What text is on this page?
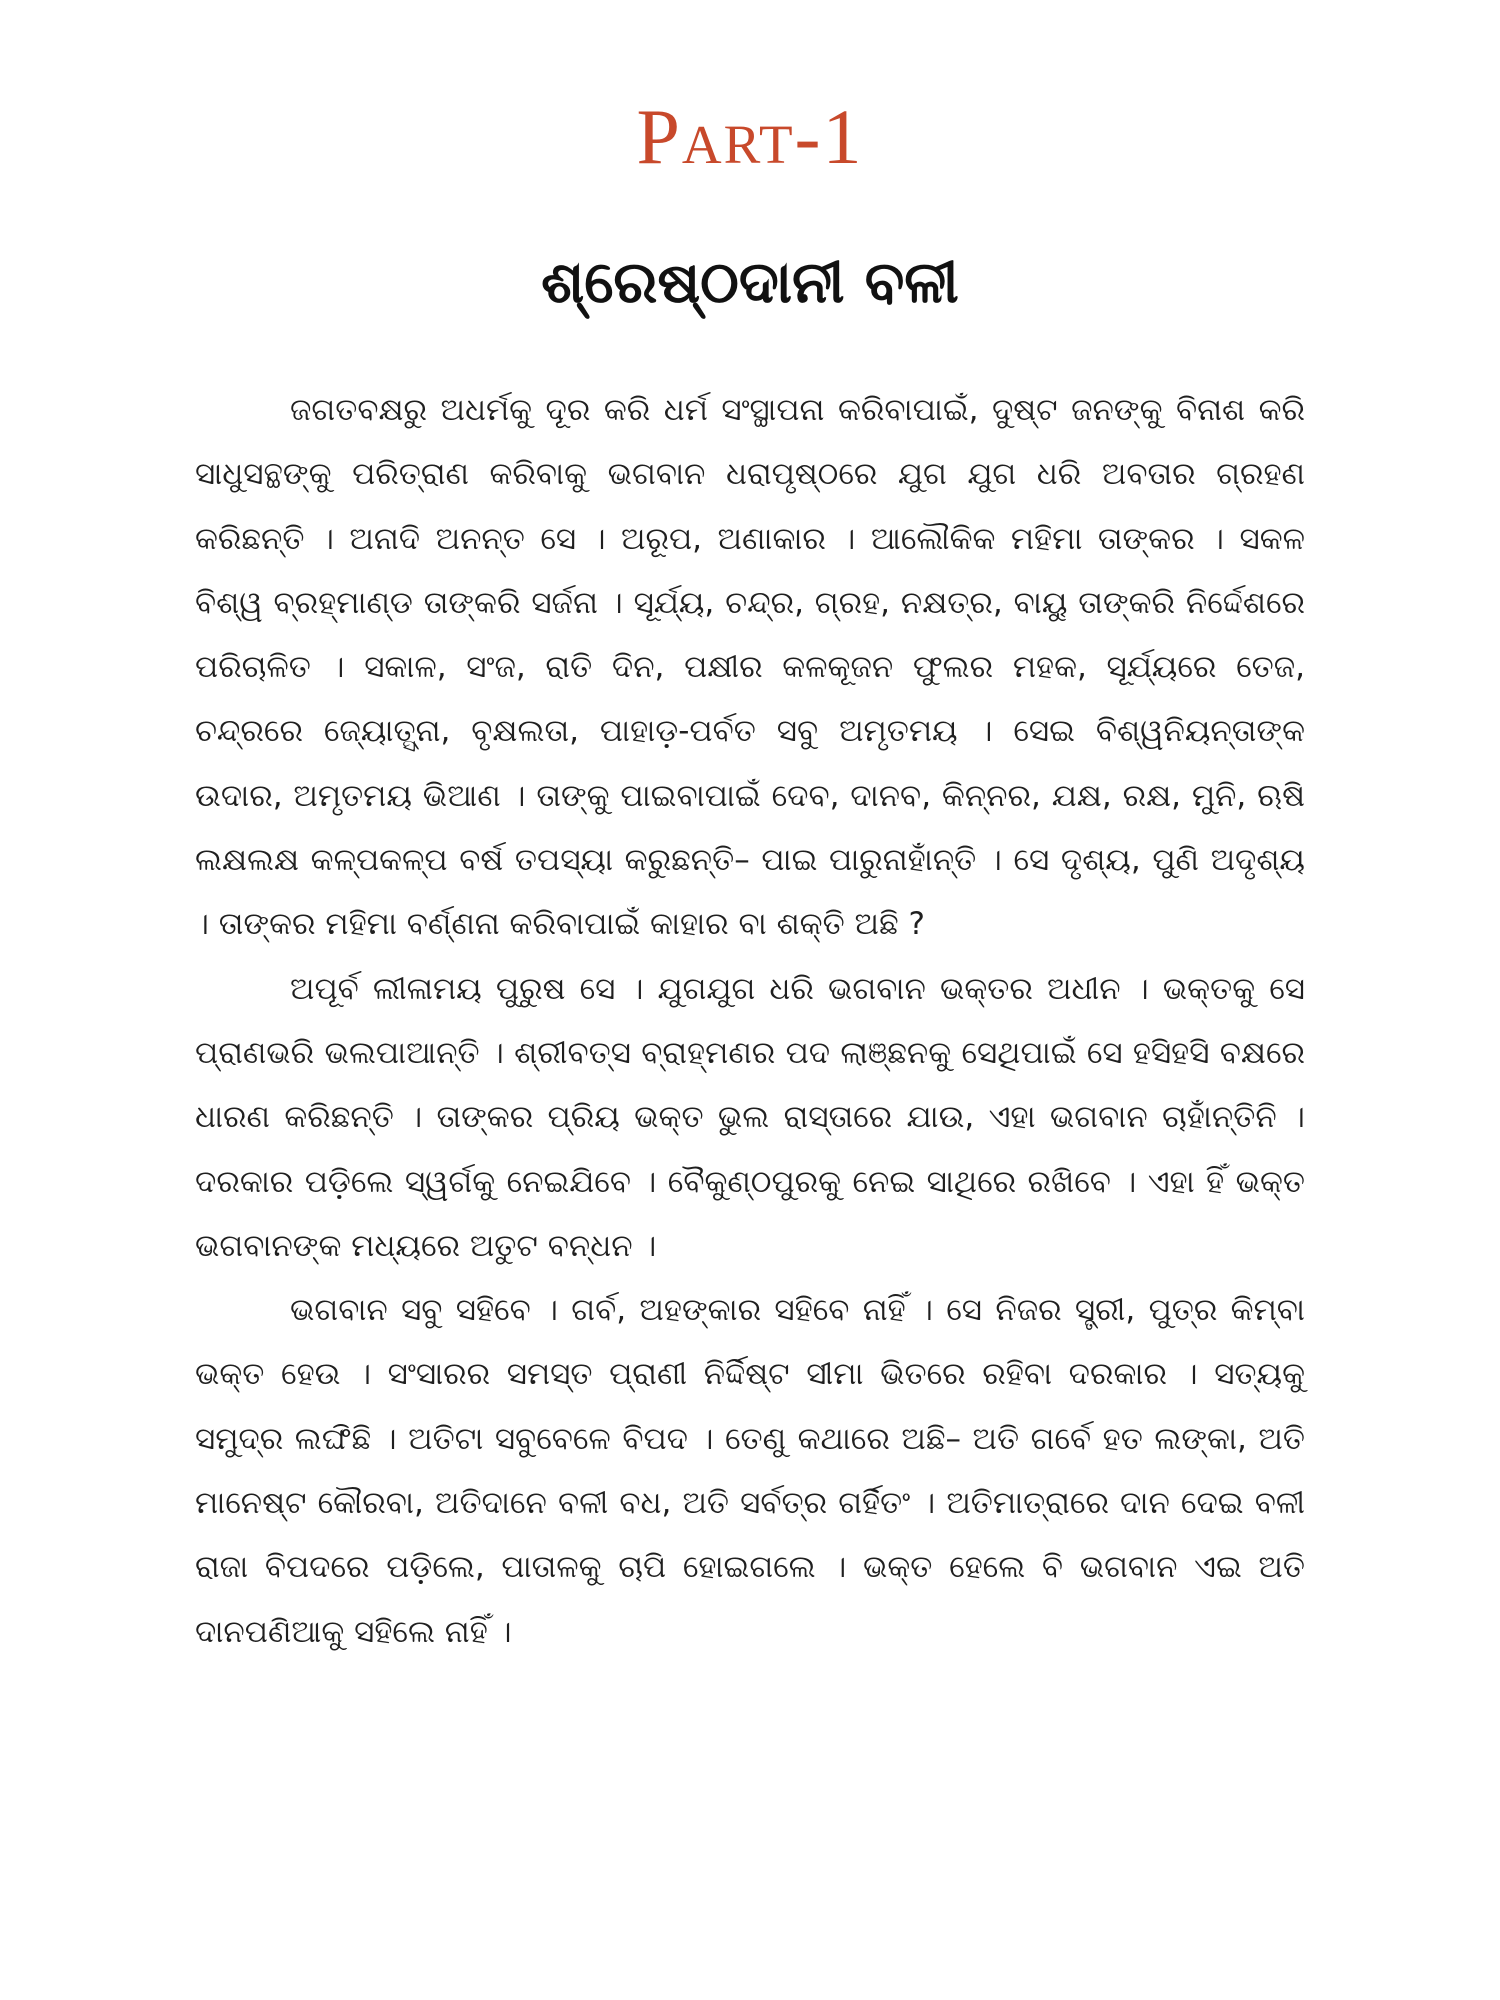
Part-1
ଶ୍ରେଷ୍ଠଦାନୀ ବଳୀ

ଜଗତବକ୍ଷରୁ ଅଧର୍ମକୁ ଦୂର କରି ଧର୍ମ ସଂସ୍ଥାପନା କରିବାପାଇଁ, ଦୁଷ୍ଟ ଜନଙ୍କୁ ବିନାଶ କରି ସାଧୁସନ୍ଥଙ୍କୁ ପରିତ୍ରାଣ କରିବାକୁ ଭଗବାନ ଧରାପୃଷ୍ଠରେ ଯୁଗ ଯୁଗ ଧରି ଅବତାର ଗ୍ରହଣ କରିଛନ୍ତି । ଅନାଦି ଅନନ୍ତ ସେ । ଅରୂପ, ଅଣାକାର । ଆଲୌକିକ ମହିମା ତାଙ୍କର । ସକଳ ବିଶ୍ୱ ବ୍ରହ୍ମାଣ୍ଡ ତାଙ୍କରି ସର୍ଜନା । ସୂର୍ଯ୍ୟ, ଚନ୍ଦ୍ର, ଗ୍ରହ, ନକ୍ଷତ୍ର, ବାୟୁ ତାଙ୍କରି ନିର୍ଦ୍ଦେଶରେ ପରିଚାଳିତ । ସକାଳ, ସଂଜ, ରାତି ଦିନ, ପକ୍ଷୀର କଳକୂଜନ ଫୁଲର ମହକ, ସୂର୍ଯ୍ୟରେ ତେଜ, ଚନ୍ଦ୍ରରେ ଜ୍ୟୋତ୍ସ୍ନା, ବୃକ୍ଷଲତା, ପାହାଡ଼-ପର୍ବତ ସବୁ ଅମୃତମୟ । ସେଇ ବିଶ୍ୱନିୟନ୍ତାଙ୍କ ଉଦାର, ଅମୃତମୟ ଭିଆଣ । ତାଙ୍କୁ ପାଇବାପାଇଁ ଦେବ, ଦାନବ, କିନ୍ନର, ଯକ୍ଷ, ରକ୍ଷ, ମୁନି, ଋଷି ଲକ୍ଷଲକ୍ଷ କଳ୍ପକଳ୍ପ ବର୍ଷ ତପସ୍ୟା କରୁଛନ୍ତି– ପାଇ ପାରୁନାହାଁନ୍ତି । ସେ ଦୃଶ୍ୟ, ପୁଣି ଅଦୃଶ୍ୟ । ତାଙ୍କର ମହିମା ବର୍ଣ୍ଣନା କରିବାପାଇଁ କାହାର ବା ଶକ୍ତି ଅଛି ?

ଅପୂର୍ବ ଲୀଳାମୟ ପୁରୁଷ ସେ । ଯୁଗଯୁଗ ଧରି ଭଗବାନ ଭକ୍ତର ଅଧୀନ । ଭକ୍ତକୁ ସେ ପ୍ରାଣଭରି ଭଲପାଆନ୍ତି । ଶ୍ରୀବତ୍ସ ବ୍ରାହ୍ମଣର ପଦ ଲାଞ୍ଛନକୁ ସେଥିପାଇଁ ସେ ହସିହସି ବକ୍ଷରେ ଧାରଣ କରିଛନ୍ତି । ତାଙ୍କର ପ୍ରିୟ ଭକ୍ତ ଭୁଲ ରାସ୍ତାରେ ଯାଉ, ଏହା ଭଗବାନ ଚାହାଁନ୍ତିନି । ଦରକାର ପଡ଼ିଲେ ସ୍ୱର୍ଗକୁ ନେଇଯିବେ । ବୈକୁଣ୍ଠପୁରକୁ ନେଇ ସାଥିରେ ରଖିବେ । ଏହା ହିଁ ଭକ୍ତ ଭଗବାନଙ୍କ ମଧ୍ୟରେ ଅତୁଟ ବନ୍ଧନ ।

ଭଗବାନ ସବୁ ସହିବେ । ଗର୍ବ, ଅହଙ୍କାର ସହିବେ ନାହିଁ । ସେ ନିଜର ସ୍ତ୍ରୀ, ପୁତ୍ର କିମ୍ବା ଭକ୍ତ ହେଉ । ସଂସାରର ସମସ୍ତ ପ୍ରାଣୀ ନିର୍ଦ୍ଦିଷ୍ଟ ସୀମା ଭିତରେ ରହିବା ଦରକାର । ସତ୍ୟକୁ ସମୁଦ୍ର ଲଙ୍ଘିଛି । ଅତିଟା ସବୁବେଳେ ବିପଦ । ତେଣୁ କଥାରେ ଅଛି– ଅତି ଗର୍ବେ ହତ ଲଙ୍କା, ଅତି ମାନେଷ୍ଟ କୌରବା, ଅତିଦାନେ ବଳୀ ବଧ, ଅତି ସର୍ବତ୍ର ଗର୍ହିତଂ । ଅତିମାତ୍ରାରେ ଦାନ ଦେଇ ବଳୀ ରାଜା ବିପଦରେ ପଡ଼ିଲେ, ପାତାଳକୁ ଚାପି ହୋଇଗଲେ । ଭକ୍ତ ହେଲେ ବି ଭଗବାନ ଏଇ ଅତି ଦାନପଣିଆକୁ ସହିଲେ ନାହିଁ ।
